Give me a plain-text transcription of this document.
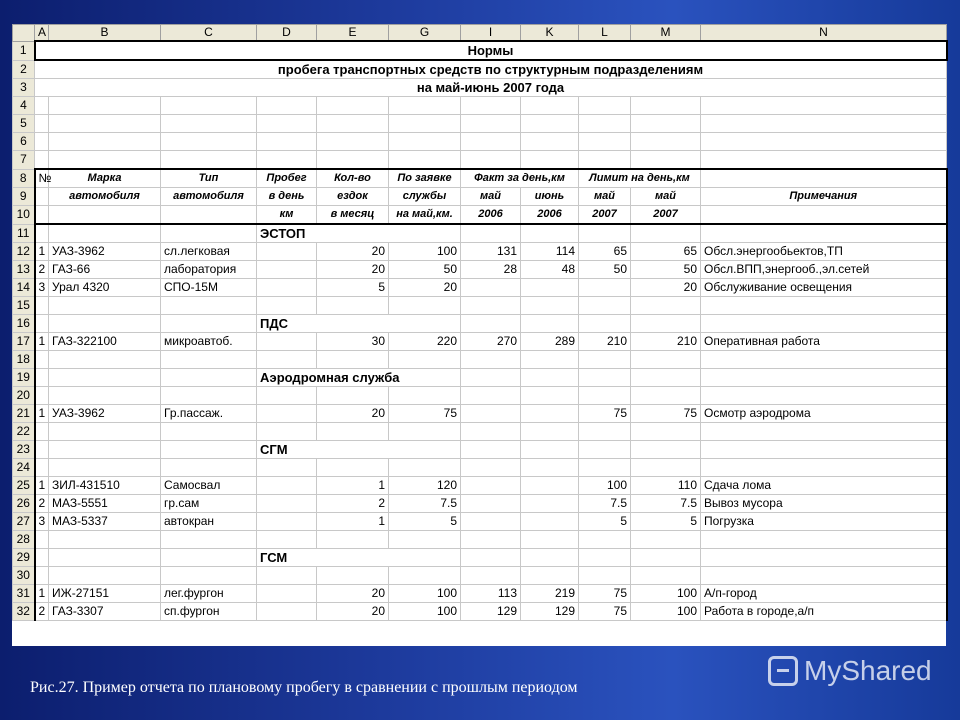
	A	B	C	D	E	G	I	K	L	M	N
1	Нормы										
2	пробега транспортных средств по структурным подразделениям										
3	на май-июнь 2007 года										
4											
5											
6											
7											
8	№	Марка	Тип	Пробег	Кол-во	По заявке	Факт за день,км		Лимит на день,км		
9		автомобиля	автомобиля	в день	ездок	службы	май	июнь	май	май	Примечания
10				км	в месяц	на май,км.	2006	2006	2007	2007	
11				ЭСТОП							
12	1	УАЗ-3962	сл.легковая		20	100	131	114	65	65	Обсл.энергообьектов,ТП
13	2	ГАЗ-66	лаборатория		20	50	28	48	50	50	Обсл.ВПП,энергооб.,эл.сетей
14	3	Урал 4320	СПО-15М		5	20				20	Обслуживание освещения
15											
16				ПДС							
17	1	ГАЗ-322100	микроавтоб.		30	220	270	289	210	210	Оперативная работа
18											
19				Аэродромная служба							
20											
21	1	УАЗ-3962	Гр.пассаж.		20	75			75	75	Осмотр аэродрома
22											
23				СГМ							
24											
25	1	ЗИЛ-431510	Самосвал		1	120			100	110	Сдача лома
26	2	МАЗ-5551	гр.сам		2	7.5			7.5	7.5	Вывоз мусора
27	3	МАЗ-5337	автокран		1	5			5	5	Погрузка
28											
29				ГСМ							
30											
31	1	ИЖ-27151	лег.фургон		20	100	113	219	75	100	А/п-город
32	2	ГАЗ-3307	сп.фургон		20	100	129	129	75	100	Работа в городе,а/п
Рис.27. Пример отчета по плановому пробегу в сравнении с прошлым периодом
MyShared
